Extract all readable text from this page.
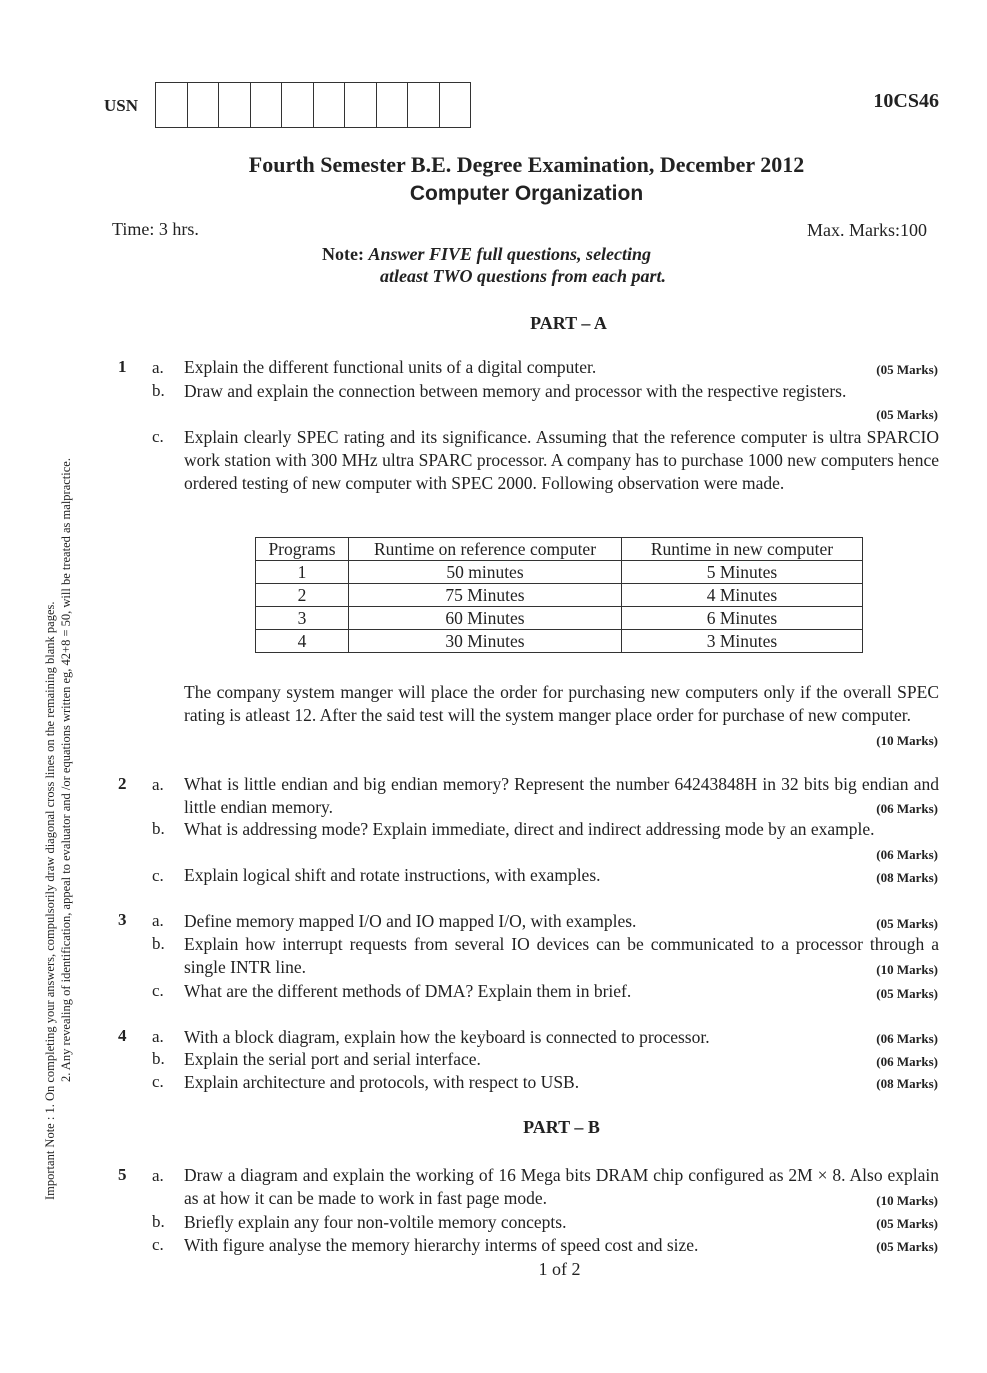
USN	10CS46
Fourth Semester B.E. Degree Examination, December 2012
Computer Organization
Time: 3 hrs.	Max. Marks:100
Note: Answer FIVE full questions, selecting
atleast TWO questions from each part.
Important Note : 1. On completing your answers, compulsorily draw diagonal cross lines on the remaining blank pages. 2. Any revealing of identification, appeal to evaluator and /or equations written eg, 42+8 = 50, will be treated as malpractice.
PART – A
1 a. Explain the different functional units of a digital computer.	(05 Marks)
b. Draw and explain the connection between memory and processor with the respective registers.
(05 Marks)
c. Explain clearly SPEC rating and its significance. Assuming that the reference computer is ultra SPARCIO work station with 300 MHz ultra SPARC processor. A company has to purchase 1000 new computers hence ordered testing of new computer with SPEC 2000. Following observation were made.
Programs	Runtime on reference computer	Runtime in new computer
1	50 minutes	5 Minutes
2	75 Minutes	4 Minutes
3	60 Minutes	6 Minutes
4	30 Minutes	3 Minutes
The company system manger will place the order for purchasing new computers only if the overall SPEC rating is atleast 12. After the said test will the system manger place order for purchase of new computer.
(10 Marks)
2 a. What is little endian and big endian memory? Represent the number 64243848H in 32 bits big endian and little endian memory.	(06 Marks)
b. What is addressing mode? Explain immediate, direct and indirect addressing mode by an example.
(06 Marks)
c. Explain logical shift and rotate instructions, with examples.	(08 Marks)
3 a. Define memory mapped I/O and IO mapped I/O, with examples.	(05 Marks)
b. Explain how interrupt requests from several IO devices can be communicated to a processor through a single INTR line.	(10 Marks)
c. What are the different methods of DMA? Explain them in brief.	(05 Marks)
4 a. With a block diagram, explain how the keyboard is connected to processor.	(06 Marks)
b. Explain the serial port and serial interface.	(06 Marks)
c. Explain architecture and protocols, with respect to USB.	(08 Marks)
PART – B
5 a. Draw a diagram and explain the working of 16 Mega bits DRAM chip configured as 2M × 8. Also explain as at how it can be made to work in fast page mode.	(10 Marks)
b. Briefly explain any four non-voltile memory concepts.	(05 Marks)
c. With figure analyse the memory hierarchy interms of speed cost and size.	(05 Marks)
1 of 2
